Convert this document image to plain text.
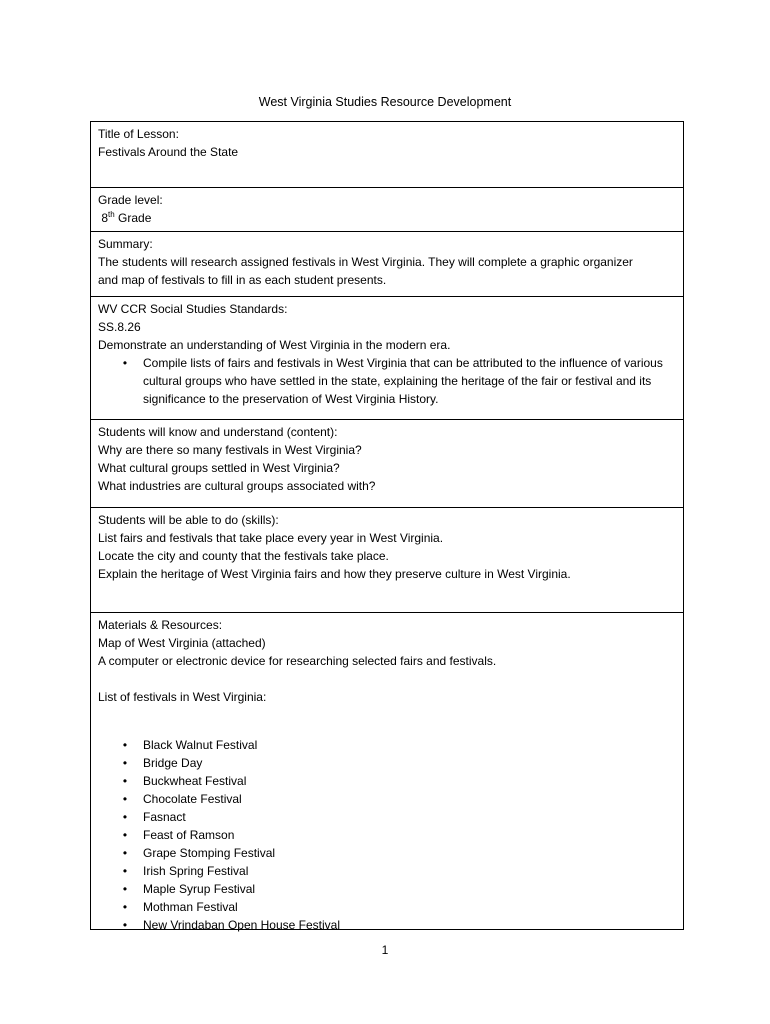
West Virginia Studies Resource Development
Title of Lesson:
Festivals Around the State
Grade level:
8th Grade
Summary:
The students will research assigned festivals in West Virginia. They will complete a graphic organizer
and map of festivals to fill in as each student presents.
WV CCR Social Studies Standards:
SS.8.26
Demonstrate an understanding of West Virginia in the modern era.
•	Compile lists of fairs and festivals in West Virginia that can be attributed to the influence of various cultural groups who have settled in the state, explaining the heritage of the fair or festival and its significance to the preservation of West Virginia History.
Students will know and understand (content):
Why are there so many festivals in West Virginia?
What cultural groups settled in West Virginia?
What industries are cultural groups associated with?
Students will be able to do (skills):
List fairs and festivals that take place every year in West Virginia.
Locate the city and county that the festivals take place.
Explain the heritage of West Virginia fairs and how they preserve culture in West Virginia.
Materials & Resources:
Map of West Virginia (attached)
A computer or electronic device for researching selected fairs and festivals.

List of festivals in West Virginia:
•	Black Walnut Festival
•	Bridge Day
•	Buckwheat Festival
•	Chocolate Festival
•	Fasnact
•	Feast of Ramson
•	Grape Stomping Festival
•	Irish Spring Festival
•	Maple Syrup Festival
•	Mothman Festival
•	New Vrindaban Open House Festival
1
